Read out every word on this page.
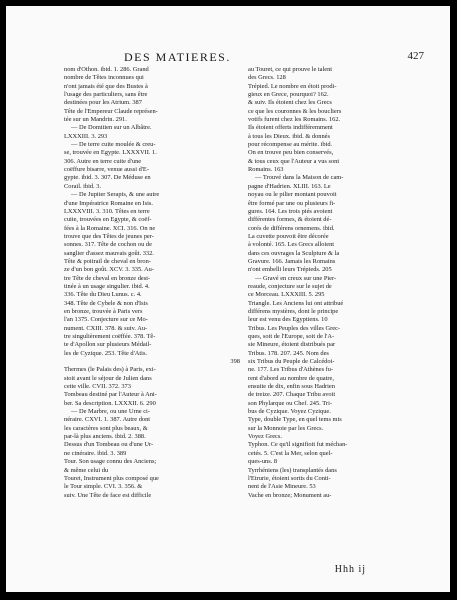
DES MATIERES.	427
nom d'Othon. ibid. 1. 286. Grand
nombre de Têtes inconnues qui
n'ont jamais été que des Bustes à
l'usage des particuliers, sans être
destinées pour les Atrium. 387
Tête de l'Empereur Claude représen-
tée sur un Mandrin. 291.
— De Domitien sur un Albâtre.
LXXXIII. 3. 293
— De terre cuite moulée & creu-
se, trouvée en Egypte. LXXXVII. 1.
306. Autre en terre cuite d'une
coëffure bisarre, venue aussi d'E-
gypte. ibid. 3. 307. De Méduse en
Corail. ibid. 3.
— De Jupiter Serapis, & une autre
d'une Impératrice Romaine en Isis.
LXXXVIII. 3. 310. Têtes en terre
cuite, trouvées en Egypte, & coëf-
fées à la Romaine. XCI. 316. On ne
trouve que des Têtes de jeunes per-
sonnes. 317. Tête de cochon ou de
sanglier d'assez mauvais goût. 332.
Tête & poitrail de cheval en bron-
ze d'un bon goût. XCV. 3. 335. Au-
tre Tête de cheval en bronze dest-
tinée à un usage singulier. ibid. 4.
336. Tête du Dieu Lunus. c. 4.
348. Tête de Cybele & non d'Isis
en bronze, trouvée à Paris vers
l'an 1375. Conjecture sur ce Mo-
nument. CXIII. 378. & suiv. Au-
tre singulièrement coëffée. 378. Tê-
te d'Apollon sur plusieurs Médail-
les de Cyzique. 253. Tête d'Atis.
398
Thermes (le Palais des) à Paris, exi-
stoit avant le séjour de Julien dans
cette ville. CVII. 372. 373
Tombeau destiné par l'Auteur à Ani-
ber. Sa description. LXXXII. 6. 290
— De Marbre, ou une Urne ci-
néraire. CXVI. 1. 387. Autre dont
les caractères sont plus beaux, &
par-là plus anciens. ibid. 2. 388.
Dessus d'un Tombeau ou d'une Ur-
ne cinéraire. ibid. 3. 389
Tour. Son usage connu des Anciens;
& même celui du
Touret, Instrument plus composé que
le Tour simple. CVI. 3. 356. &
suiv. Une Tête de face est difficile
au Touret, ce qui prouve le talent
des Grecs. 128
Trépied. Le nombre en étoit prodi-
gieux en Grece, pourquoi? 162.
& suiv. Ils étoient chez les Grecs
ce que les couronnes & les boucliers
votifs furent chez les Romains. 162.
Ils étoient offerts indifféremment
à tous les Dieux. ibid. & donnés
pour récompense au mérite. ibid.
On en trouve peu bien conservés,
& tous ceux que l'Auteur a vus sont
Romains. 163
— Trouvé dans la Maison de cam-
pagne d'Hadrien. XLIII. 163. Le
noyau ou le pilier montant pouvoit
être formé par une ou plusieurs fi-
gures. 164. Les trois piés avoient
différentes formes, & étoient dé-
corés de différens ornemens. ibid.
La cuvette pouvoit être décorée
à volonté. 165. Les Grecs alloient
dans ces ouvrages la Sculpture & la
Gravure. 166. Jamais les Romains
n'ont embelli leurs Trépieds. 205
— Gravé en creux sur une Pier-
reaude, conjecture sur le sujet de
ce Morceau. LXXXIII. 5. 295
Triangle. Les Anciens lui ont attribué
différens mystères, dont le principe
leur est venu des Egyptiens. 10
Tribus. Les Peuples des villes Grec-
ques, soit de l'Europe, soit de l'A-
sie Mineure, étoient distribués par
Tribus. 178. 207. 245. Nom des
six Tribus du Peuple de Calcédoi-
ne. 177. Les Tribus d'Athènes fu-
rent d'abord au nombre de quatre,
ensuite de dix, enfin sous Hadrien
de treize. 207. Chaque Tribu avoit
son Phylarque ou Chef. 245. Tri-
bus de Cyzique. Voyez Cyzique.
Type, double Type, en quel tems mis
sur la Monnoie par les Grecs.
Voyez Grecs.
Typhon. Ce qu'il signifioit fut méchan-
cetés. 5. C'est la Mer, selon quel-
ques-uns. 8
Tyrrhéniens (les) transplantés dans
l'Etrurie, étoient sortis du Conti-
nent de l'Asie Mineure. 53
Vache en bronze; Monument au-
Hhh ij
